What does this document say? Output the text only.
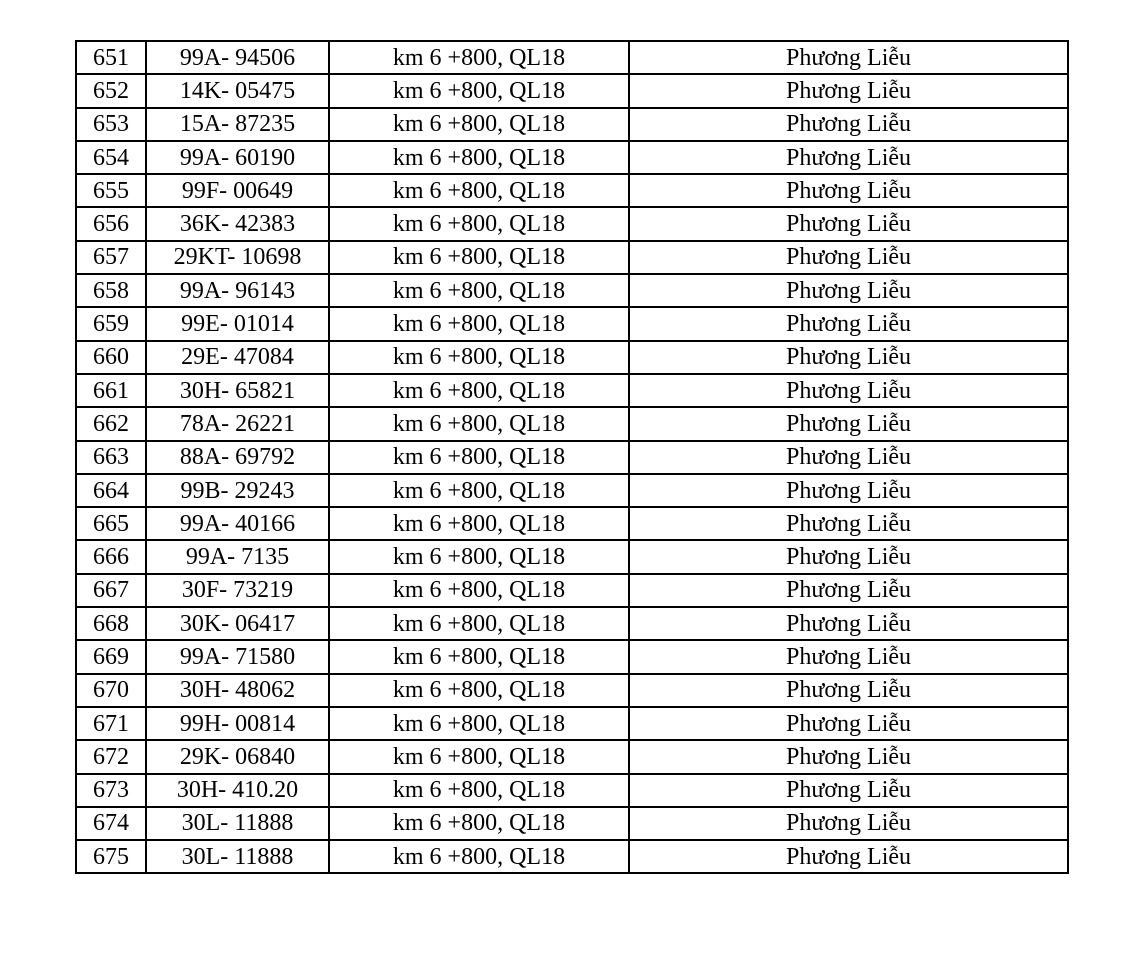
651	99A- 94506	km 6 +800, QL18	Phương Liễu
652	14K- 05475	km 6 +800, QL18	Phương Liễu
653	15A- 87235	km 6 +800, QL18	Phương Liễu
654	99A- 60190	km 6 +800, QL18	Phương Liễu
655	99F- 00649	km 6 +800, QL18	Phương Liễu
656	36K- 42383	km 6 +800, QL18	Phương Liễu
657	29KT- 10698	km 6 +800, QL18	Phương Liễu
658	99A- 96143	km 6 +800, QL18	Phương Liễu
659	99E- 01014	km 6 +800, QL18	Phương Liễu
660	29E- 47084	km 6 +800, QL18	Phương Liễu
661	30H- 65821	km 6 +800, QL18	Phương Liễu
662	78A- 26221	km 6 +800, QL18	Phương Liễu
663	88A- 69792	km 6 +800, QL18	Phương Liễu
664	99B- 29243	km 6 +800, QL18	Phương Liễu
665	99A- 40166	km 6 +800, QL18	Phương Liễu
666	99A- 7135	km 6 +800, QL18	Phương Liễu
667	30F- 73219	km 6 +800, QL18	Phương Liễu
668	30K- 06417	km 6 +800, QL18	Phương Liễu
669	99A- 71580	km 6 +800, QL18	Phương Liễu
670	30H- 48062	km 6 +800, QL18	Phương Liễu
671	99H- 00814	km 6 +800, QL18	Phương Liễu
672	29K- 06840	km 6 +800, QL18	Phương Liễu
673	30H- 410.20	km 6 +800, QL18	Phương Liễu
674	30L- 11888	km 6 +800, QL18	Phương Liễu
675	30L- 11888	km 6 +800, QL18	Phương Liễu
